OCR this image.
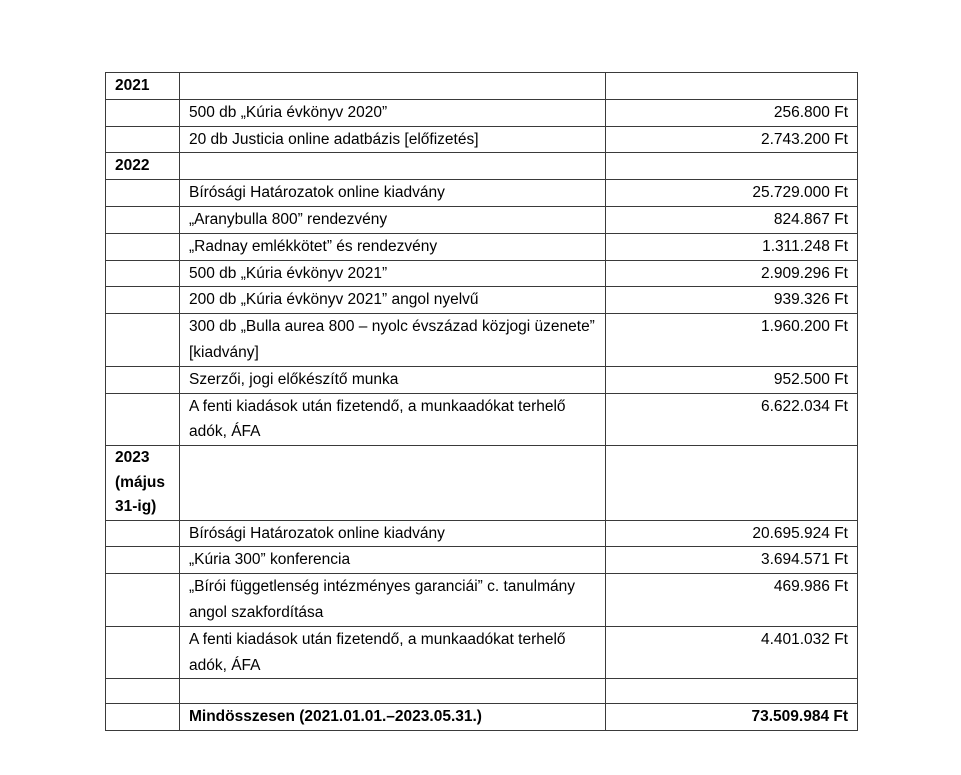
2021		
	500 db „Kúria évkönyv 2020”	256.800 Ft
	20 db Justicia online adatbázis [előfizetés]	2.743.200 Ft
2022		
	Bírósági Határozatok online kiadvány	25.729.000 Ft
	„Aranybulla 800” rendezvény	824.867 Ft
	„Radnay emlékkötet” és rendezvény	1.311.248 Ft
	500 db „Kúria évkönyv 2021”	2.909.296 Ft
	200 db „Kúria évkönyv 2021” angol nyelvű	939.326 Ft
	300 db „Bulla aurea 800 – nyolc évszázad közjogi üzenete” [kiadvány]	1.960.200 Ft
	Szerzői, jogi előkészítő munka	952.500 Ft
	A fenti kiadások után fizetendő, a munkaadókat terhelő adók, ÁFA	6.622.034 Ft
2023 (május 31-ig)		
	Bírósági Határozatok online kiadvány	20.695.924 Ft
	„Kúria 300” konferencia	3.694.571 Ft
	„Bírói függetlenség intézményes garanciái” c. tanulmány angol szakfordítása	469.986 Ft
	A fenti kiadások után fizetendő, a munkaadókat terhelő adók, ÁFA	4.401.032 Ft

	Mindösszesen (2021.01.01.–2023.05.31.)	73.509.984 Ft
